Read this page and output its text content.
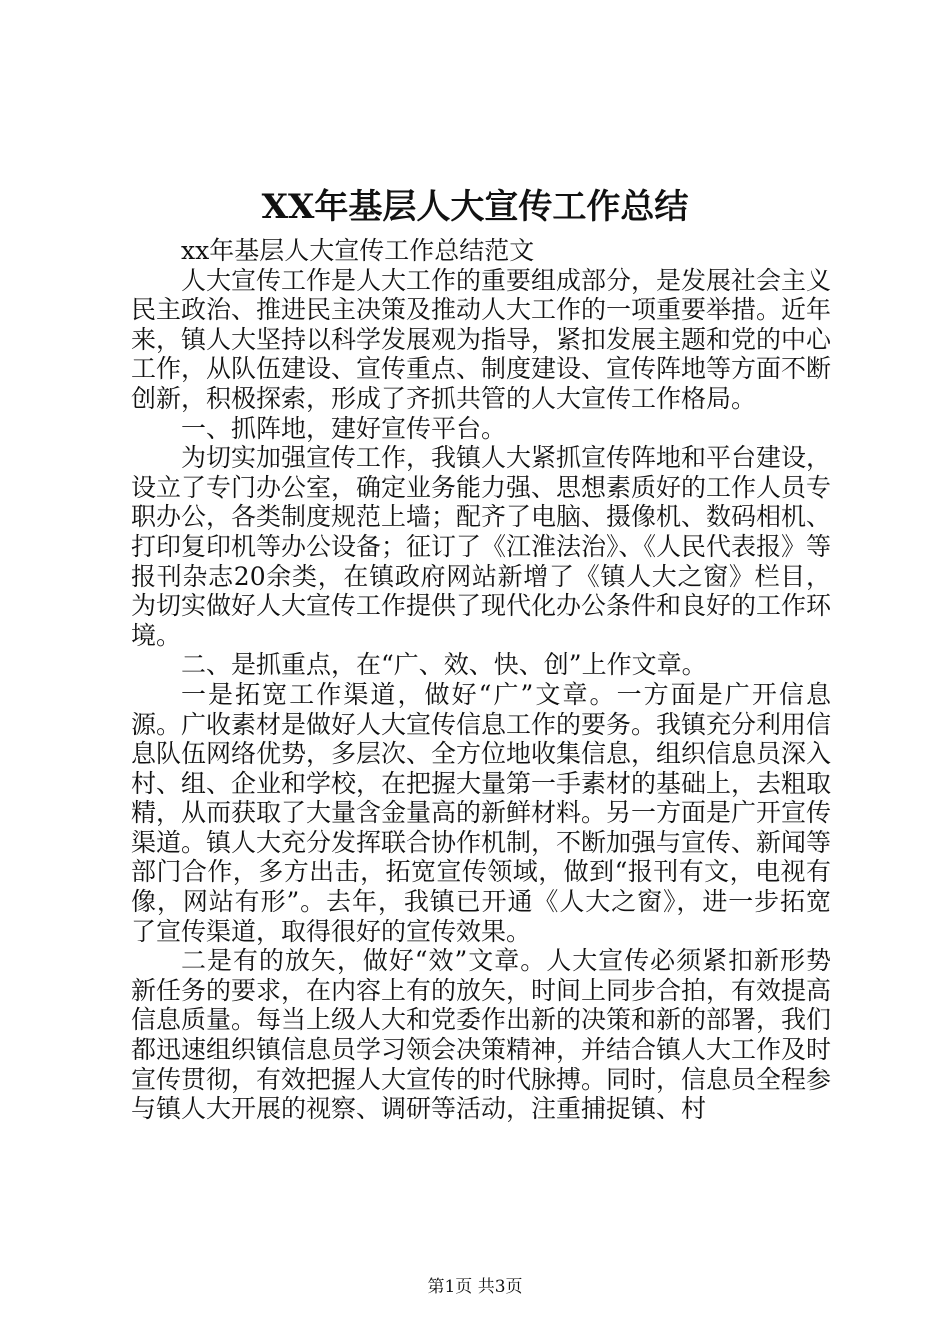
XX年基层人大宣传工作总结

xx年基层人大宣传工作总结范文

人大宣传工作是人大工作的重要组成部分，是发展社会主义民主政治、推进民主决策及推动人大工作的一项重要举措。近年来，镇人大坚持以科学发展观为指导，紧扣发展主题和党的中心工作，从队伍建设、宣传重点、制度建设、宣传阵地等方面不断创新，积极探索，形成了齐抓共管的人大宣传工作格局。

一、抓阵地，建好宣传平台。

为切实加强宣传工作，我镇人大紧抓宣传阵地和平台建设，设立了专门办公室，确定业务能力强、思想素质好的工作人员专职办公，各类制度规范上墙；配齐了电脑、摄像机、数码相机、打印复印机等办公设备；征订了《江淮法治》、《人民代表报》等报刊杂志20余类，在镇政府网站新增了《镇人大之窗》栏目，为切实做好人大宣传工作提供了现代化办公条件和良好的工作环境。

二、是抓重点，在“广、效、快、创”上作文章。

一是拓宽工作渠道，做好“广”文章。一方面是广开信息源。广收素材是做好人大宣传信息工作的要务。我镇充分利用信息队伍网络优势，多层次、全方位地收集信息，组织信息员深入村、组、企业和学校，在把握大量第一手素材的基础上，去粗取精，从而获取了大量含金量高的新鲜材料。另一方面是广开宣传渠道。镇人大充分发挥联合协作机制，不断加强与宣传、新闻等部门合作，多方出击，拓宽宣传领域，做到“报刊有文，电视有像，网站有形”。去年，我镇已开通《人大之窗》，进一步拓宽了宣传渠道，取得很好的宣传效果。

二是有的放矢，做好“效”文章。人大宣传必须紧扣新形势新任务的要求，在内容上有的放矢，时间上同步合拍，有效提高信息质量。每当上级人大和党委作出新的决策和新的部署，我们都迅速组织镇信息员学习领会决策精神，并结合镇人大工作及时宣传贯彻，有效把握人大宣传的时代脉搏。同时，信息员全程参与镇人大开展的视察、调研等活动，注重捕捉镇、村

第1页 共3页
